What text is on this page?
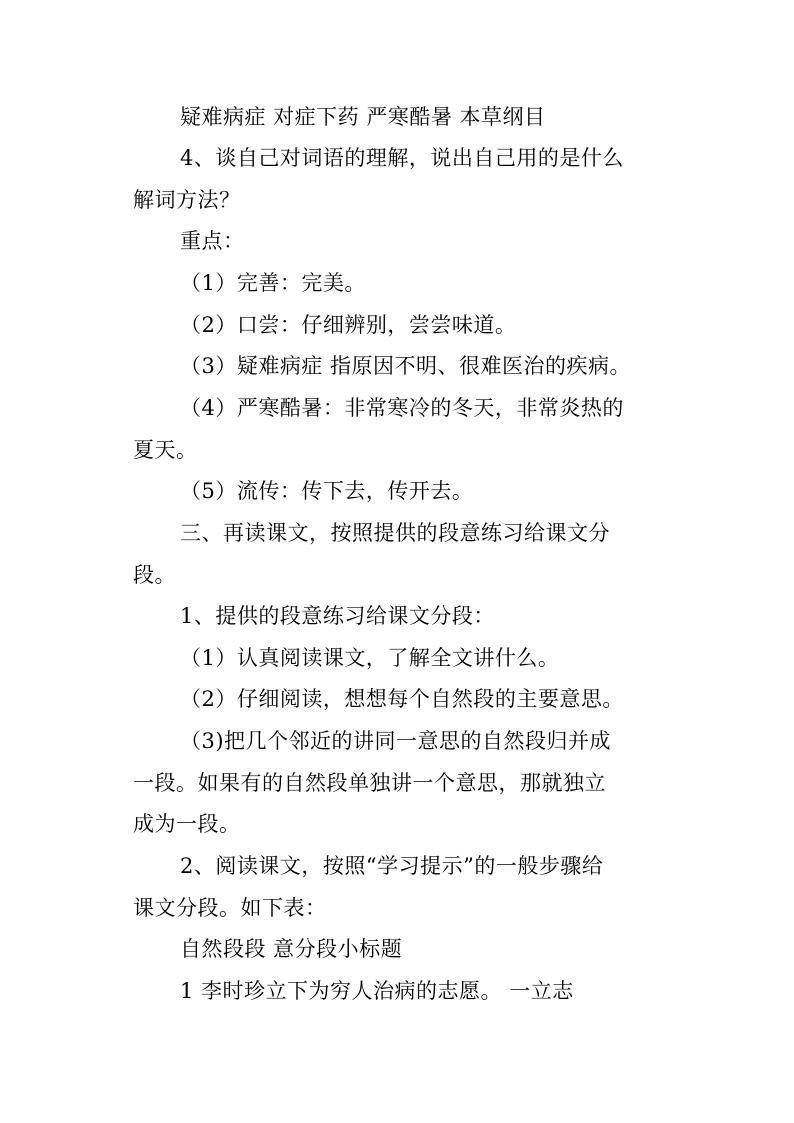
疑难病症 对症下药 严寒酷暑 本草纲目
4、谈自己对词语的理解，说出自己用的是什么
解词方法？
重点：
（1）完善：完美。
（2）口尝：仔细辨别，尝尝味道。
（3）疑难病症 指原因不明、很难医治的疾病。
（4）严寒酷暑：非常寒冷的冬天，非常炎热的
夏天。
（5）流传：传下去，传开去。
三、再读课文，按照提供的段意练习给课文分
段。
1、提供的段意练习给课文分段：
（1）认真阅读课文，了解全文讲什么。
（2）仔细阅读，想想每个自然段的主要意思。
（3)把几个邻近的讲同一意思的自然段归并成
一段。如果有的自然段单独讲一个意思，那就独立
成为一段。
2、阅读课文，按照“学习提示”的一般步骤给
课文分段。如下表：
自然段段 意分段小标题
1 李时珍立下为穷人治病的志愿。 一立志
